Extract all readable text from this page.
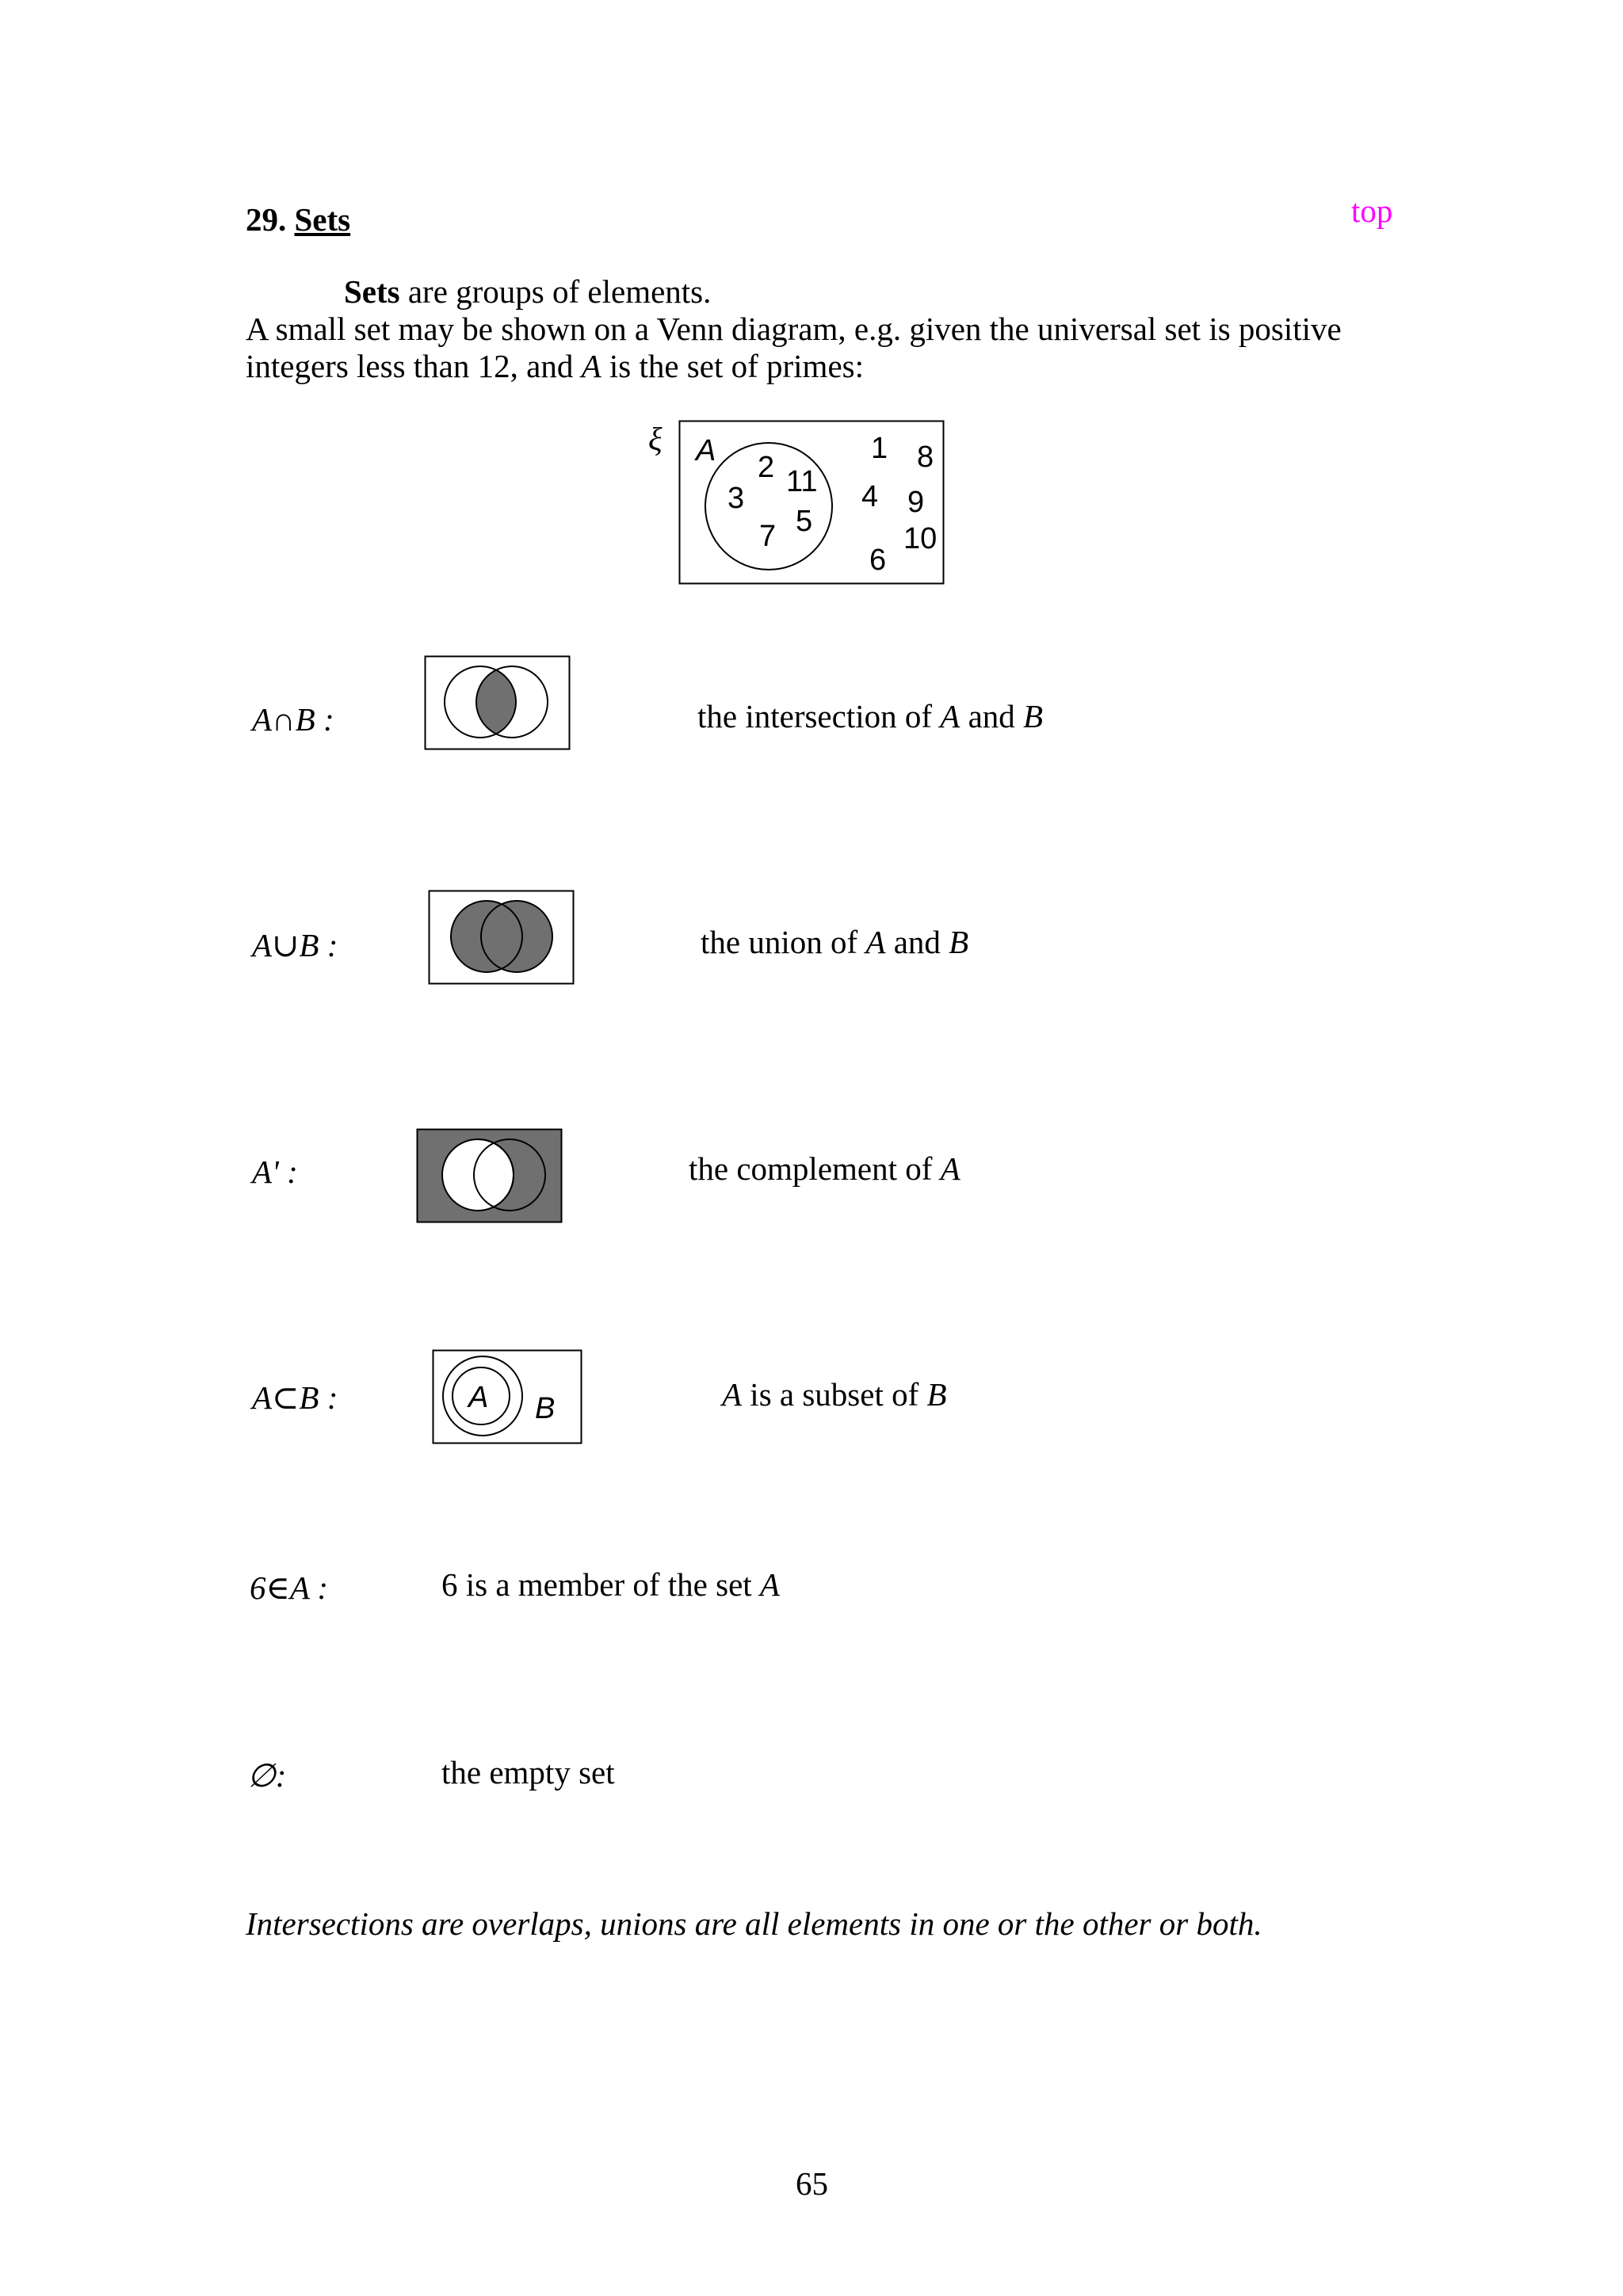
29. Sets	top
Sets are groups of elements.
A small set may be shown on a Venn diagram, e.g. given the universal set is positive
integers less than 12, and A is the set of primes:
ξ A 2
3 11
5
7
1 8
4 9
10
6
A∩B :	the intersection of A and B
A∪B :	the union of A and B
A' :	the complement of A
A⊂B :	A B	A is a subset of B
6∈A :	6 is a member of the set A
∅:	the empty set
Intersections are overlaps, unions are all elements in one or the other or both.
65
